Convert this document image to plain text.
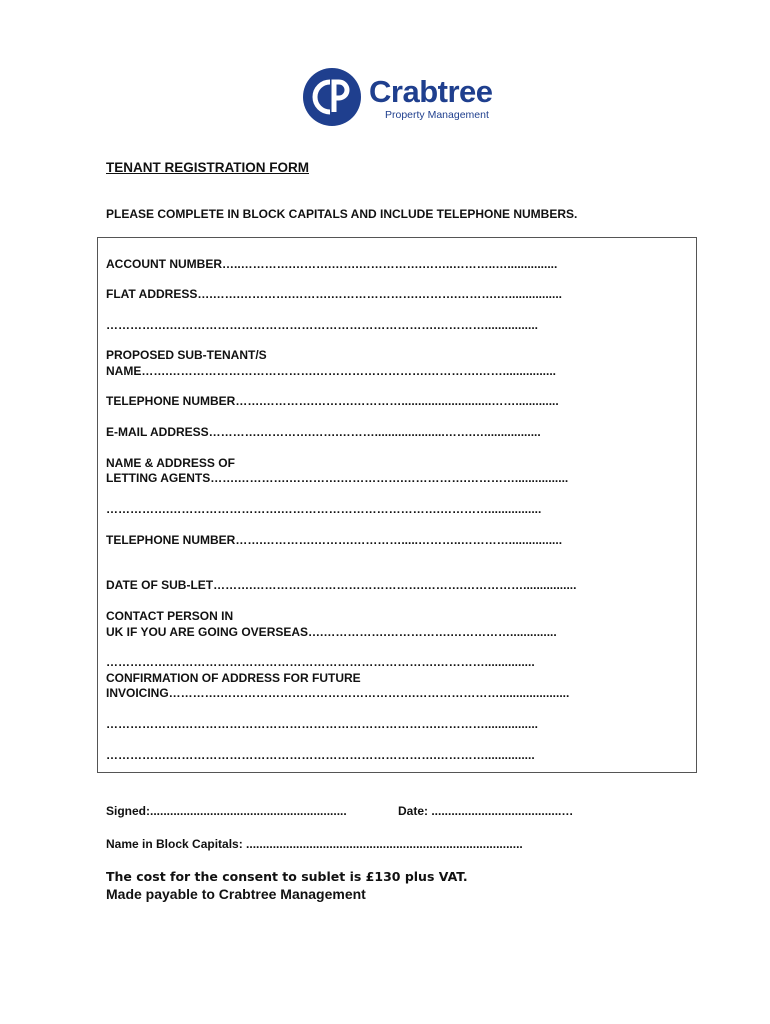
Crabtree
Property Management
TENANT REGISTRATION FORM
PLEASE COMPLETE IN BLOCK CAPITALS AND INCLUDE TELEPHONE NUMBERS.
ACCOUNT NUMBER…..………….……….…….…………….……..………..…...............
FLAT ADDRESS….…….………….……….………………….……….……….…................
…………….………………………………………………………….…………................
PROPOSED SUB-TENANT/S
NAME…….……………………………….……………………….………….……................
TELEPHONE NUMBER…….………….……….…………...........................…….............
E-MAIL ADDRESS………….………….…….……….....................…….….................
NAME & ADDRESS OF
LETTING AGENTS…….………….………….…………….…………….…………................
…………….……………………….………………………………….…………................
TELEPHONE NUMBER…….………….……….………….....………..…………................
DATE OF SUB-LET……….…………………………………….……….……………................
CONTACT PERSON IN
UK IF YOU ARE GOING OVERSEAS….…………….…………….……………..............
…………….………………………………………………………….…………...............
CONFIRMATION OF ADDRESS FOR FUTURE
INVOICING………….………………………………………….………………….....................
……………….……………………………………………………….…………................
…………….………………………………………………………….…………...............
Signed:...........................................................	Date: .......................................…
Name in Block Capitals: ...................................................................................
The cost for the consent to sublet is £130 plus VAT.
Made payable to Crabtree Management
